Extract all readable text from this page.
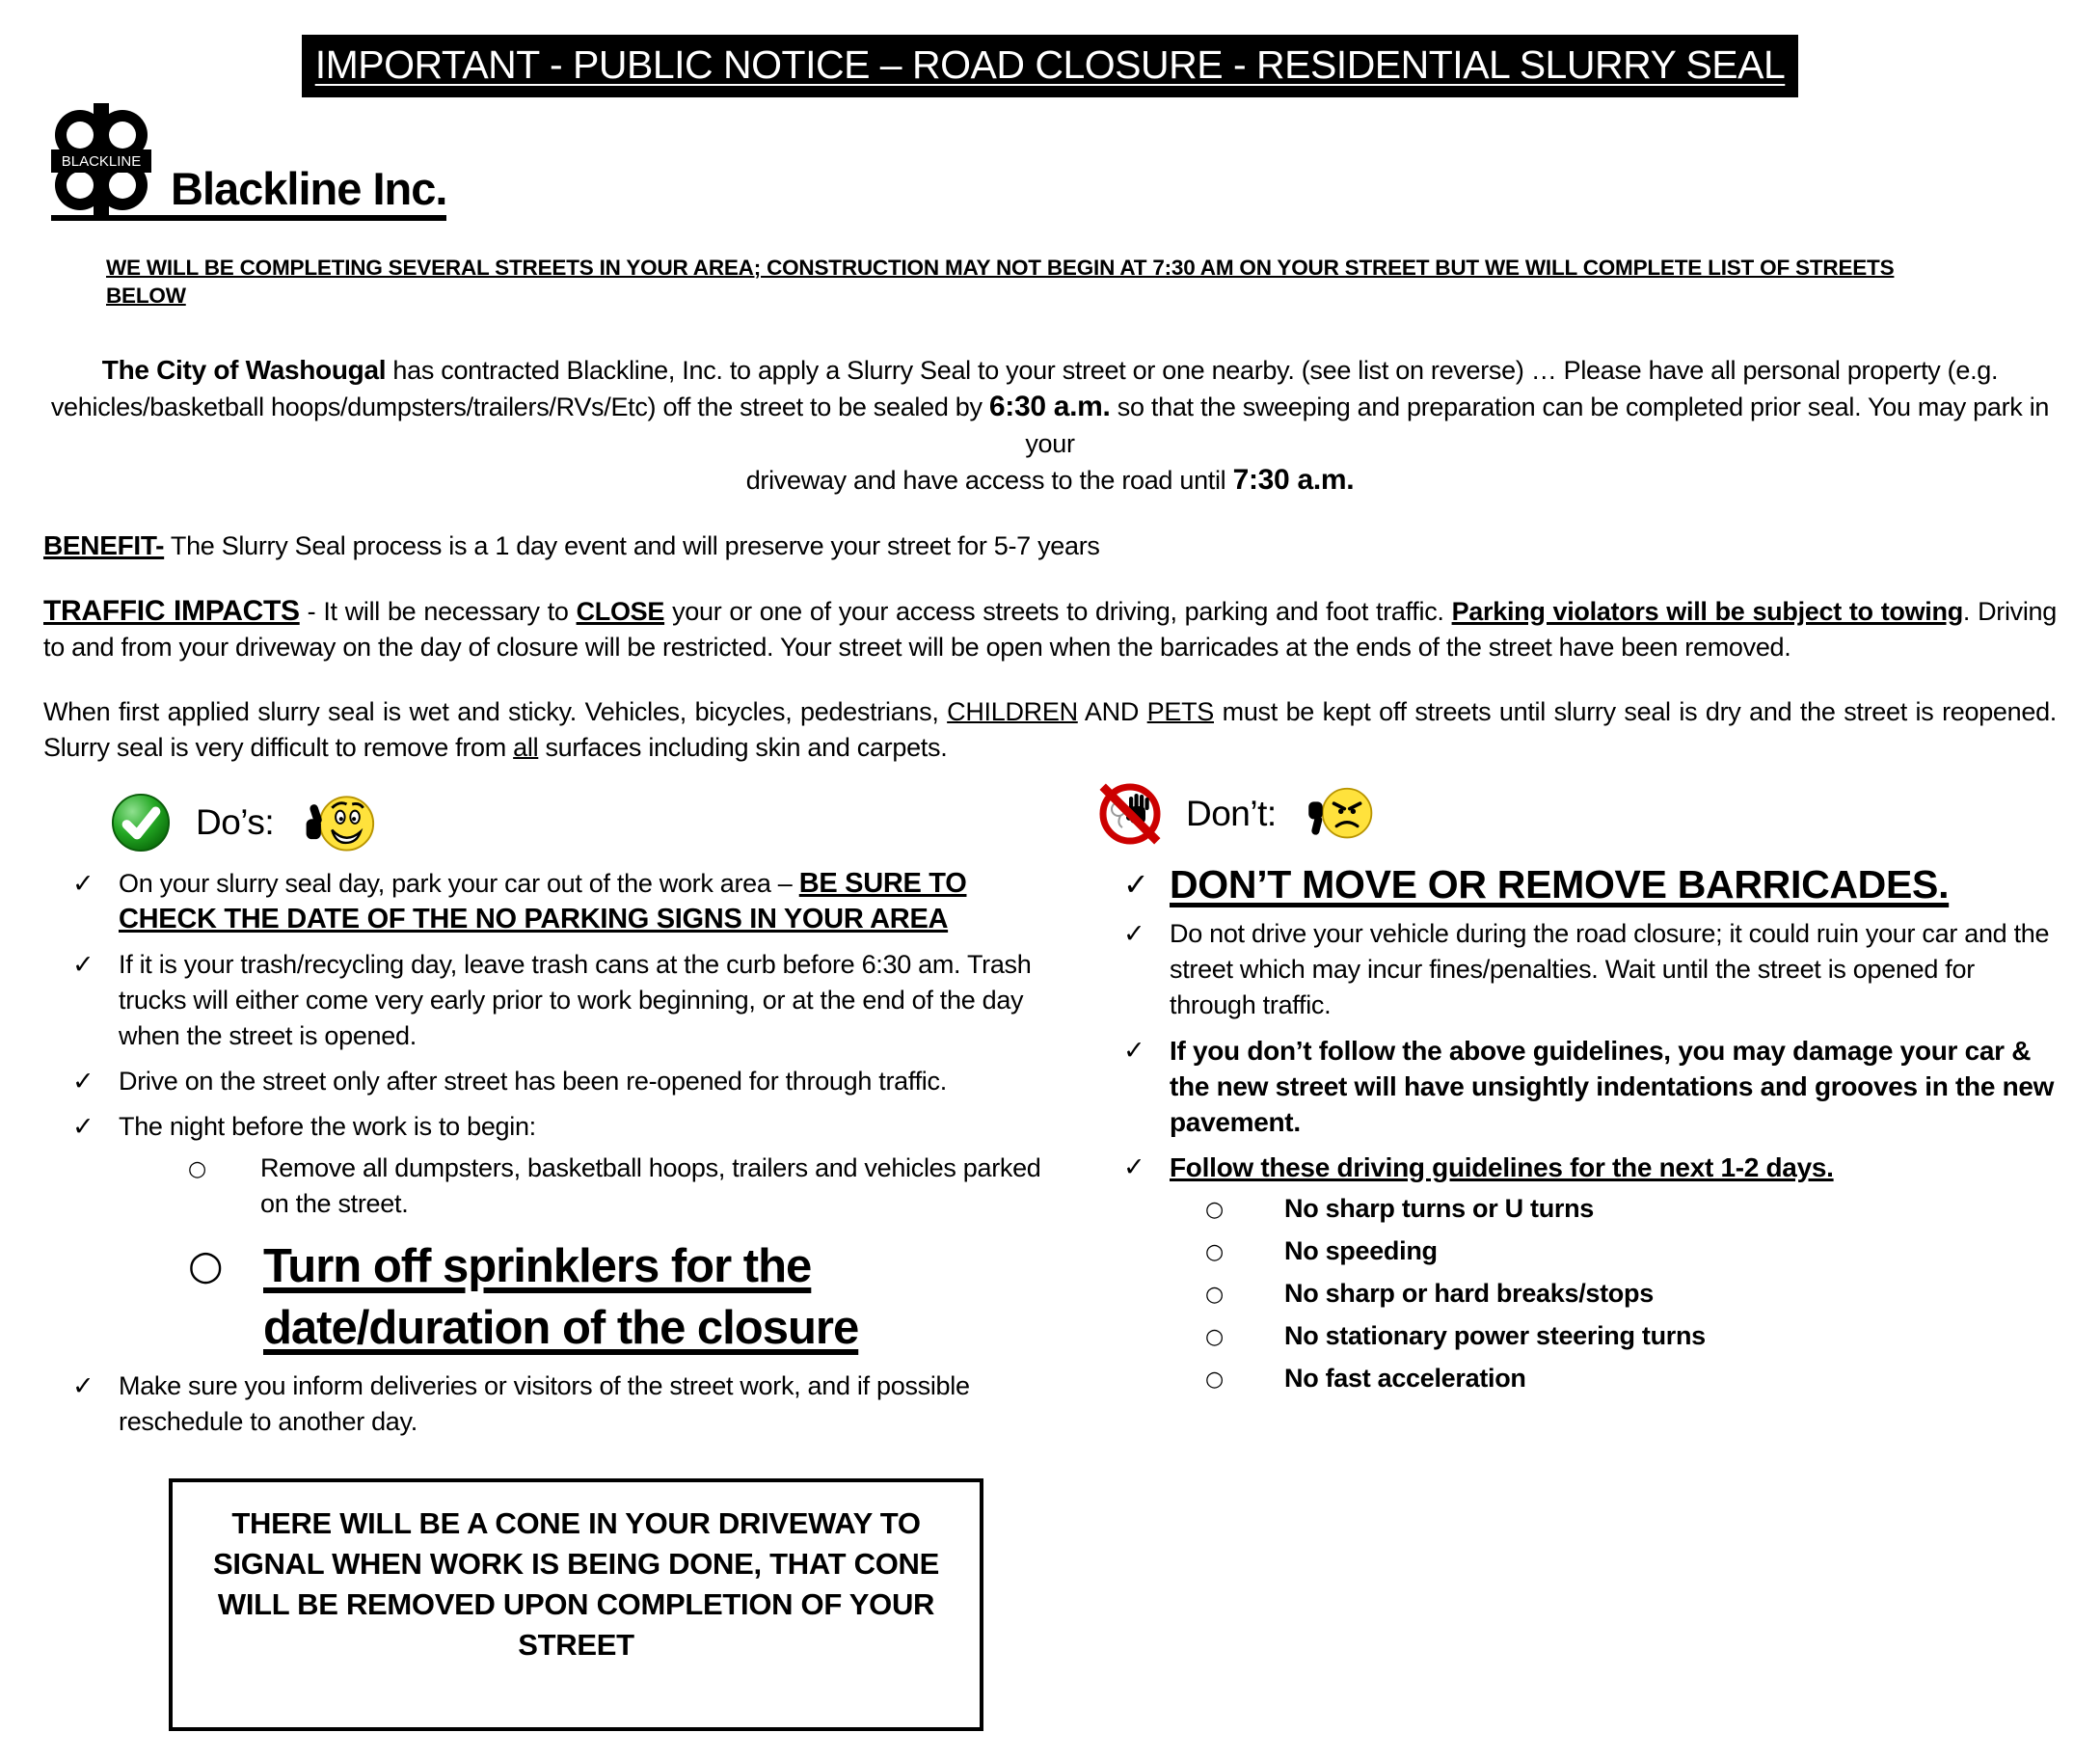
IMPORTANT - PUBLIC NOTICE – ROAD CLOSURE - RESIDENTIAL SLURRY SEAL
BLACKLINE
Blackline Inc.

WE WILL BE COMPLETING SEVERAL STREETS IN YOUR AREA; CONSTRUCTION MAY NOT BEGIN AT 7:30 AM ON YOUR STREET BUT WE WILL COMPLETE LIST OF STREETS
BELOW

The City of Washougal has contracted Blackline, Inc. to apply a Slurry Seal to your street or one nearby. (see list on reverse) … Please have all personal property (e.g.
vehicles/basketball hoops/dumpsters/trailers/RVs/Etc) off the street to be sealed by 6:30 a.m. so that the sweeping and preparation can be completed prior seal. You may park in your
driveway and have access to the road until 7:30 a.m.

BENEFIT- The Slurry Seal process is a 1 day event and will preserve your street for 5-7 years

TRAFFIC IMPACTS - It will be necessary to CLOSE your or one of your access streets to driving, parking and foot traffic. Parking violators will be subject to towing. Driving to and from your driveway on the day of closure will be restricted. Your street will be open when the barricades at the ends of the street have been removed.

When first applied slurry seal is wet and sticky. Vehicles, bicycles, pedestrians, CHILDREN AND PETS must be kept off streets until slurry seal is dry and the street is reopened. Slurry seal is very difficult to remove from all surfaces including skin and carpets.

Do’s:
✓ On your slurry seal day, park your car out of the work area – BE SURE TO CHECK THE DATE OF THE NO PARKING SIGNS IN YOUR AREA
✓ If it is your trash/recycling day, leave trash cans at the curb before 6:30 am. Trash trucks will either come very early prior to work beginning, or at the end of the day when the street is opened.
✓ Drive on the street only after street has been re-opened for through traffic.
✓ The night before the work is to begin:
○	Remove all dumpsters, basketball hoops, trailers and vehicles parked on the street.
○ Turn off sprinklers for the date/duration of the closure
✓ Make sure you inform deliveries or visitors of the street work, and if possible reschedule to another day.
THERE WILL BE A CONE IN YOUR DRIVEWAY TO SIGNAL WHEN WORK IS BEING DONE, THAT CONE WILL BE REMOVED UPON COMPLETION OF YOUR STREET
Don’t:
✓ DON’T MOVE OR REMOVE BARRICADES.
✓ Do not drive your vehicle during the road closure; it could ruin your car and the street which may incur fines/penalties. Wait until the street is opened for through traffic.
✓ If you don’t follow the above guidelines, you may damage your car & the new street will have unsightly indentations and grooves in the new pavement.
✓ Follow these driving guidelines for the next 1-2 days.
○	No sharp turns or U turns
○	No speeding
○	No sharp or hard breaks/stops
○	No stationary power steering turns
○	No fast acceleration
